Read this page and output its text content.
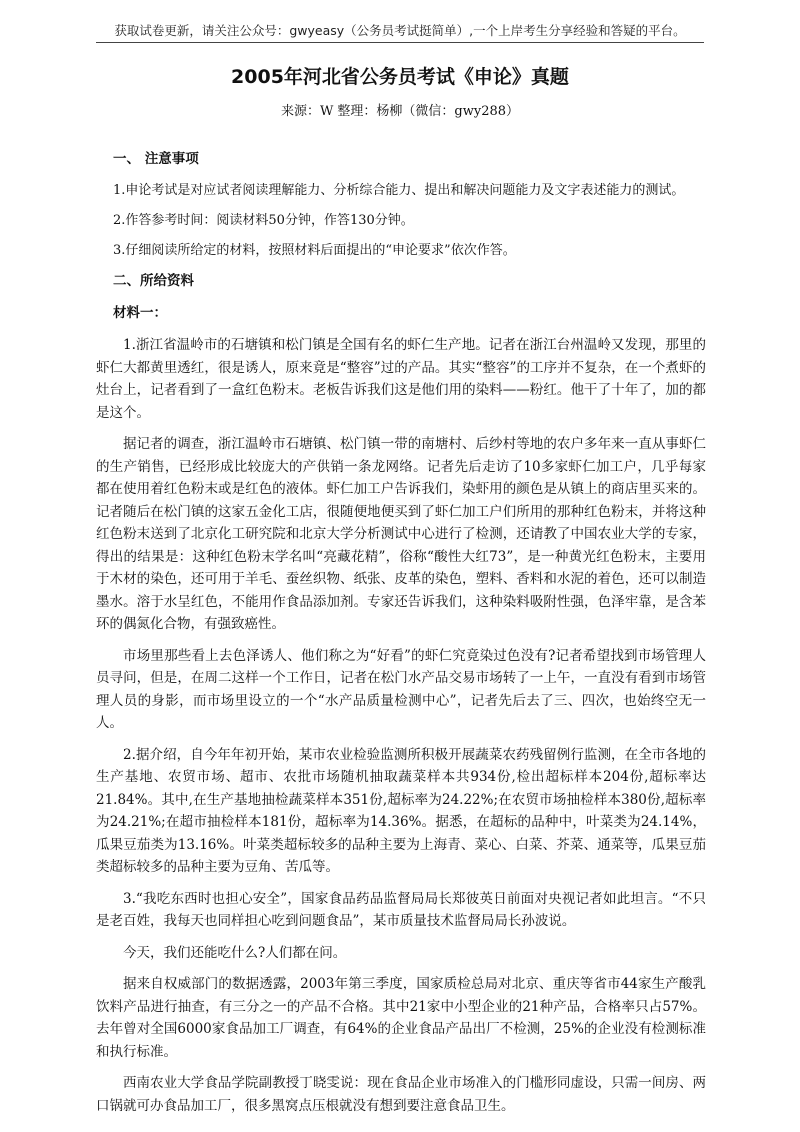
获取试卷更新，请关注公众号：gwyeasy（公务员考试挺简单）,一个上岸考生分享经验和答疑的平台。
2005年河北省公务员考试《申论》真题
来源：W 整理：杨柳（微信：gwy288）
一、 注意事项
1.申论考试是对应试者阅读理解能力、分析综合能力、提出和解决问题能力及文字表述能力的测试。
2.作答参考时间：阅读材料50分钟，作答130分钟。
3.仔细阅读所给定的材料，按照材料后面提出的“申论要求”依次作答。
二、所给资料
材料一：

1.浙江省温岭市的石塘镇和松门镇是全国有名的虾仁生产地。记者在浙江台州温岭又发现，那里的虾仁大都黄里透红，很是诱人，原来竟是“整容”过的产品。其实“整容”的工序并不复杂，在一个煮虾的灶台上，记者看到了一盒红色粉末。老板告诉我们这是他们用的染料——粉红。他干了十年了，加的都是这个。

据记者的调查，浙江温岭市石塘镇、松门镇一带的南塘村、后纱村等地的农户多年来一直从事虾仁的生产销售，已经形成比较庞大的产供销一条龙网络。记者先后走访了10多家虾仁加工户，几乎每家都在使用着红色粉末或是红色的液体。虾仁加工户告诉我们，染虾用的颜色是从镇上的商店里买来的。记者随后在松门镇的这家五金化工店，很随便地便买到了虾仁加工户们所用的那种红色粉末，并将这种红色粉末送到了北京化工研究院和北京大学分析测试中心进行了检测，还请教了中国农业大学的专家，得出的结果是：这种红色粉末学名叫“亮藏花精”，俗称“酸性大红73”，是一种黄光红色粉末，主要用于木材的染色，还可用于羊毛、蚕丝织物、纸张、皮革的染色，塑料、香料和水泥的着色，还可以制造墨水。溶于水呈红色，不能用作食品添加剂。专家还告诉我们，这种染料吸附性强，色泽牢靠，是含苯环的偶氮化合物，有强致癌性。

市场里那些看上去色泽诱人、他们称之为“好看”的虾仁究竟染过色没有?记者希望找到市场管理人员寻问，但是，在周二这样一个工作日，记者在松门水产品交易市场转了一上午，一直没有看到市场管理人员的身影，而市场里设立的一个“水产品质量检测中心”，记者先后去了三、四次，也始终空无一人。

2.据介绍，自今年年初开始，某市农业检验监测所积极开展蔬菜农药残留例行监测，在全市各地的生产基地、农贸市场、超市、农批市场随机抽取蔬菜样本共934份,检出超标样本204份,超标率达21.84%。其中,在生产基地抽检蔬菜样本351份,超标率为24.22%;在农贸市场抽检样本380份,超标率为24.21%;在超市抽检样本181份，超标率为14.36%。据悉，在超标的品种中，叶菜类为24.14%，瓜果豆茄类为13.16%。叶菜类超标较多的品种主要为上海青、菜心、白菜、芥菜、通菜等，瓜果豆茄类超标较多的品种主要为豆角、苦瓜等。

3.“我吃东西时也担心安全”，国家食品药品监督局局长郑彼英日前面对央视记者如此坦言。“不只是老百姓，我每天也同样担心吃到问题食品”，某市质量技术监督局局长孙波说。

今天，我们还能吃什么?人们都在问。

据来自权威部门的数据透露，2003年第三季度，国家质检总局对北京、重庆等省市44家生产酸乳饮料产品进行抽查，有三分之一的产品不合格。其中21家中小型企业的21种产品，合格率只占57%。去年曾对全国6000家食品加工厂调查，有64%的企业食品产品出厂不检测，25%的企业没有检测标准和执行标准。

西南农业大学食品学院副教授丁晓雯说：现在食品企业市场准入的门槛形同虚设，只需一间房、两口锅就可办食品加工厂，很多黑窝点压根就没有想到要注意食品卫生。
